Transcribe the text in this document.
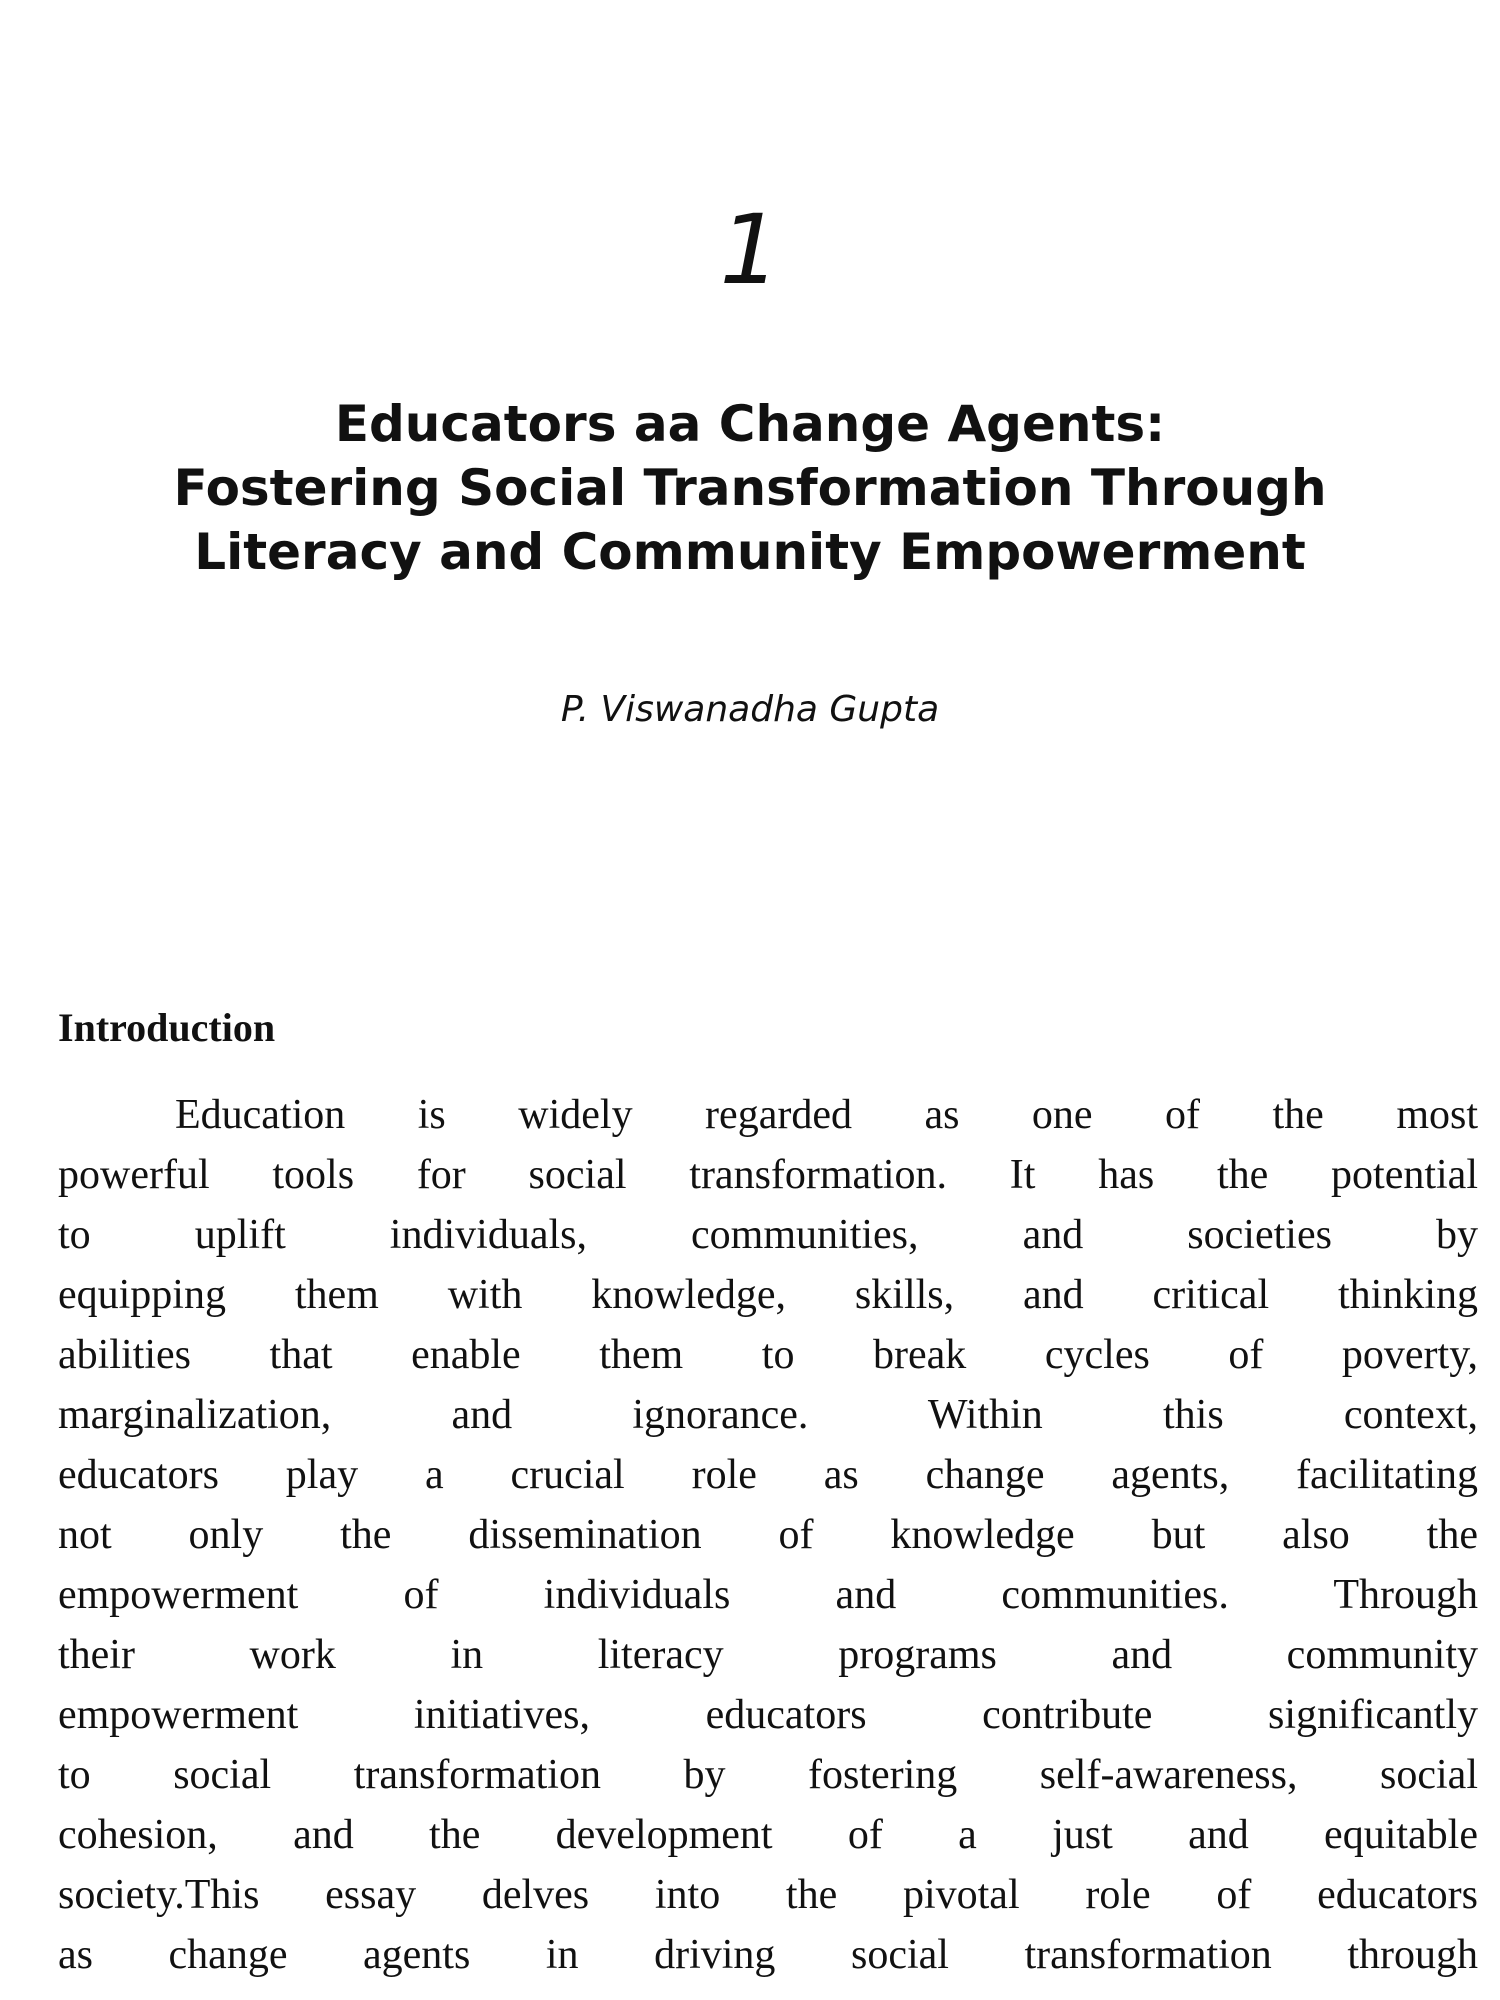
1
Educators aa Change Agents:
Fostering Social Transformation Through
Literacy and Community Empowerment
P. Viswanadha Gupta
Introduction
Education is widely regarded as one of the most
powerful tools for social transformation. It has the potential
to uplift individuals, communities, and societies by
equipping them with knowledge, skills, and critical thinking
abilities that enable them to break cycles of poverty,
marginalization, and ignorance. Within this context,
educators play a crucial role as change agents, facilitating
not only the dissemination of knowledge but also the
empowerment of individuals and communities. Through
their work in literacy programs and community
empowerment initiatives, educators contribute significantly
to social transformation by fostering self-awareness, social
cohesion, and the development of a just and equitable
society.This essay delves into the pivotal role of educators
as change agents in driving social transformation through
